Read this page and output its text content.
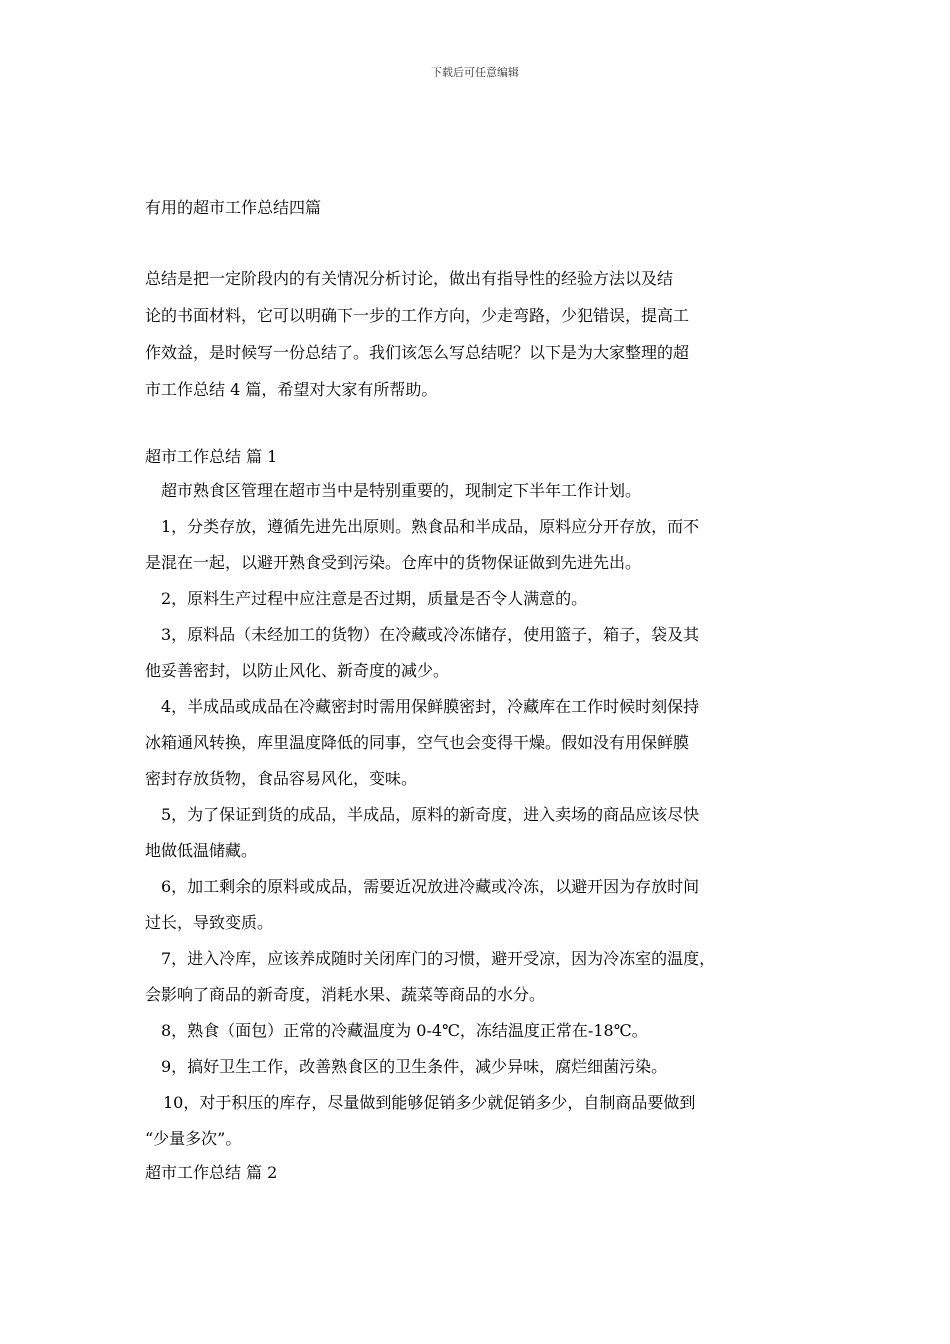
下载后可任意编辑
有用的超市工作总结四篇
总结是把一定阶段内的有关情况分析讨论，做出有指导性的经验方法以及结
论的书面材料，它可以明确下一步的工作方向，少走弯路，少犯错误，提高工
作效益，是时候写一份总结了。我们该怎么写总结呢？以下是为大家整理的超
市工作总结 4 篇，希望对大家有所帮助。
超市工作总结 篇 1
超市熟食区管理在超市当中是特别重要的，现制定下半年工作计划。
1，分类存放，遵循先进先出原则。熟食品和半成品，原料应分开存放，而不
是混在一起，以避开熟食受到污染。仓库中的货物保证做到先进先出。
2，原料生产过程中应注意是否过期，质量是否令人满意的。
3，原料品（未经加工的货物）在冷藏或冷冻储存，使用篮子，箱子，袋及其
他妥善密封，以防止风化、新奇度的减少。
4，半成品或成品在冷藏密封时需用保鲜膜密封，冷藏库在工作时候时刻保持
冰箱通风转换，库里温度降低的同事，空气也会变得干燥。假如没有用保鲜膜
密封存放货物，食品容易风化，变味。
5，为了保证到货的成品，半成品，原料的新奇度，进入卖场的商品应该尽快
地做低温储藏。
6，加工剩余的原料或成品，需要近况放进冷藏或冷冻，以避开因为存放时间
过长，导致变质。
7，进入冷库，应该养成随时关闭库门的习惯，避开受凉，因为冷冻室的温度，
会影响了商品的新奇度，消耗水果、蔬菜等商品的水分。
8，熟食（面包）正常的冷藏温度为 0-4℃，冻结温度正常在-18℃。
9，搞好卫生工作，改善熟食区的卫生条件，减少异味，腐烂细菌污染。
10，对于积压的库存，尽量做到能够促销多少就促销多少，自制商品要做到
“少量多次”。
超市工作总结 篇 2
